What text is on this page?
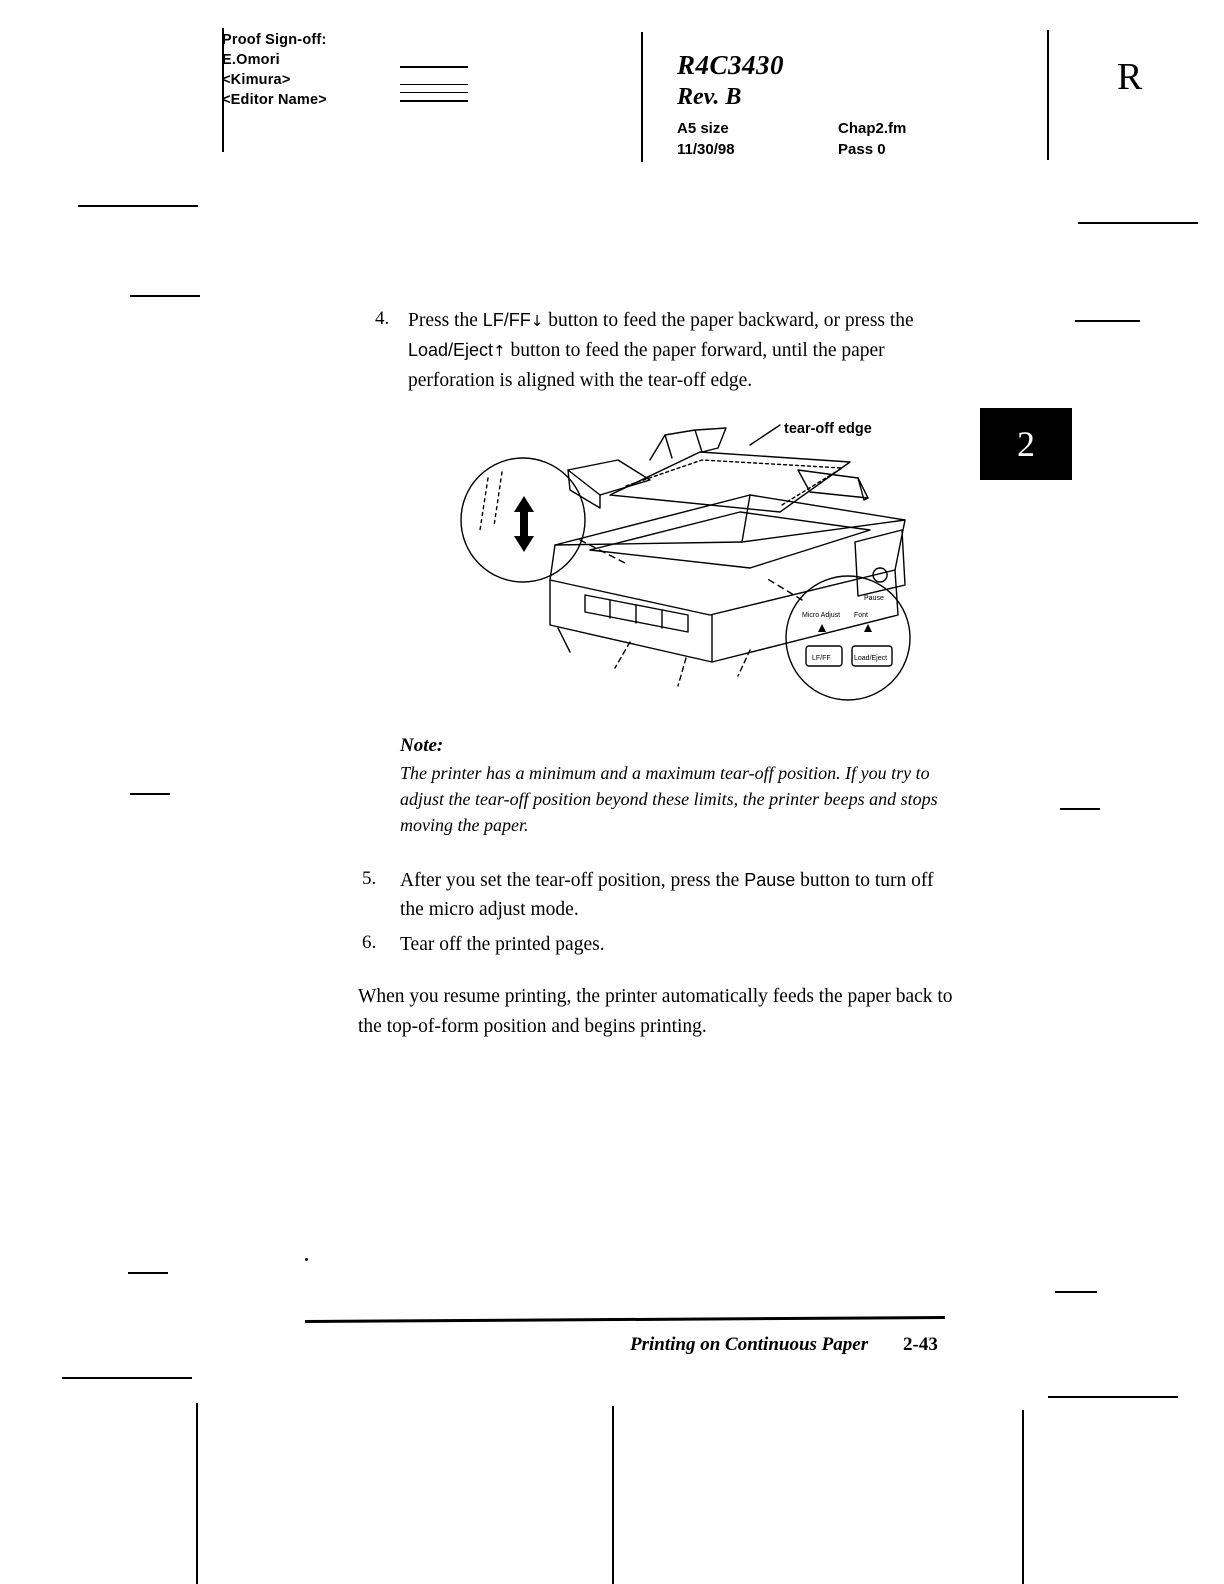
Proof Sign-off:
E.Omori
<Kimura>
<Editor Name>
R4C3430
Rev. B
A5 size
11/30/98
Chap2.fm
Pass 0
R
4. Press the LF/FF↓ button to feed the paper backward, or press the Load/Eject↑ button to feed the paper forward, until the paper perforation is aligned with the tear-off edge.
2
tear-off edge
Pause
Micro Adjust Font
LF/FF	Load/Eject
Note:
The printer has a minimum and a maximum tear-off position. If you try to adjust the tear-off position beyond these limits, the printer beeps and stops moving the paper.
5. After you set the tear-off position, press the Pause button to turn off the micro adjust mode.
6. Tear off the printed pages.
When you resume printing, the printer automatically feeds the paper back to the top-of-form position and begins printing.
Printing on Continuous Paper 2-43
